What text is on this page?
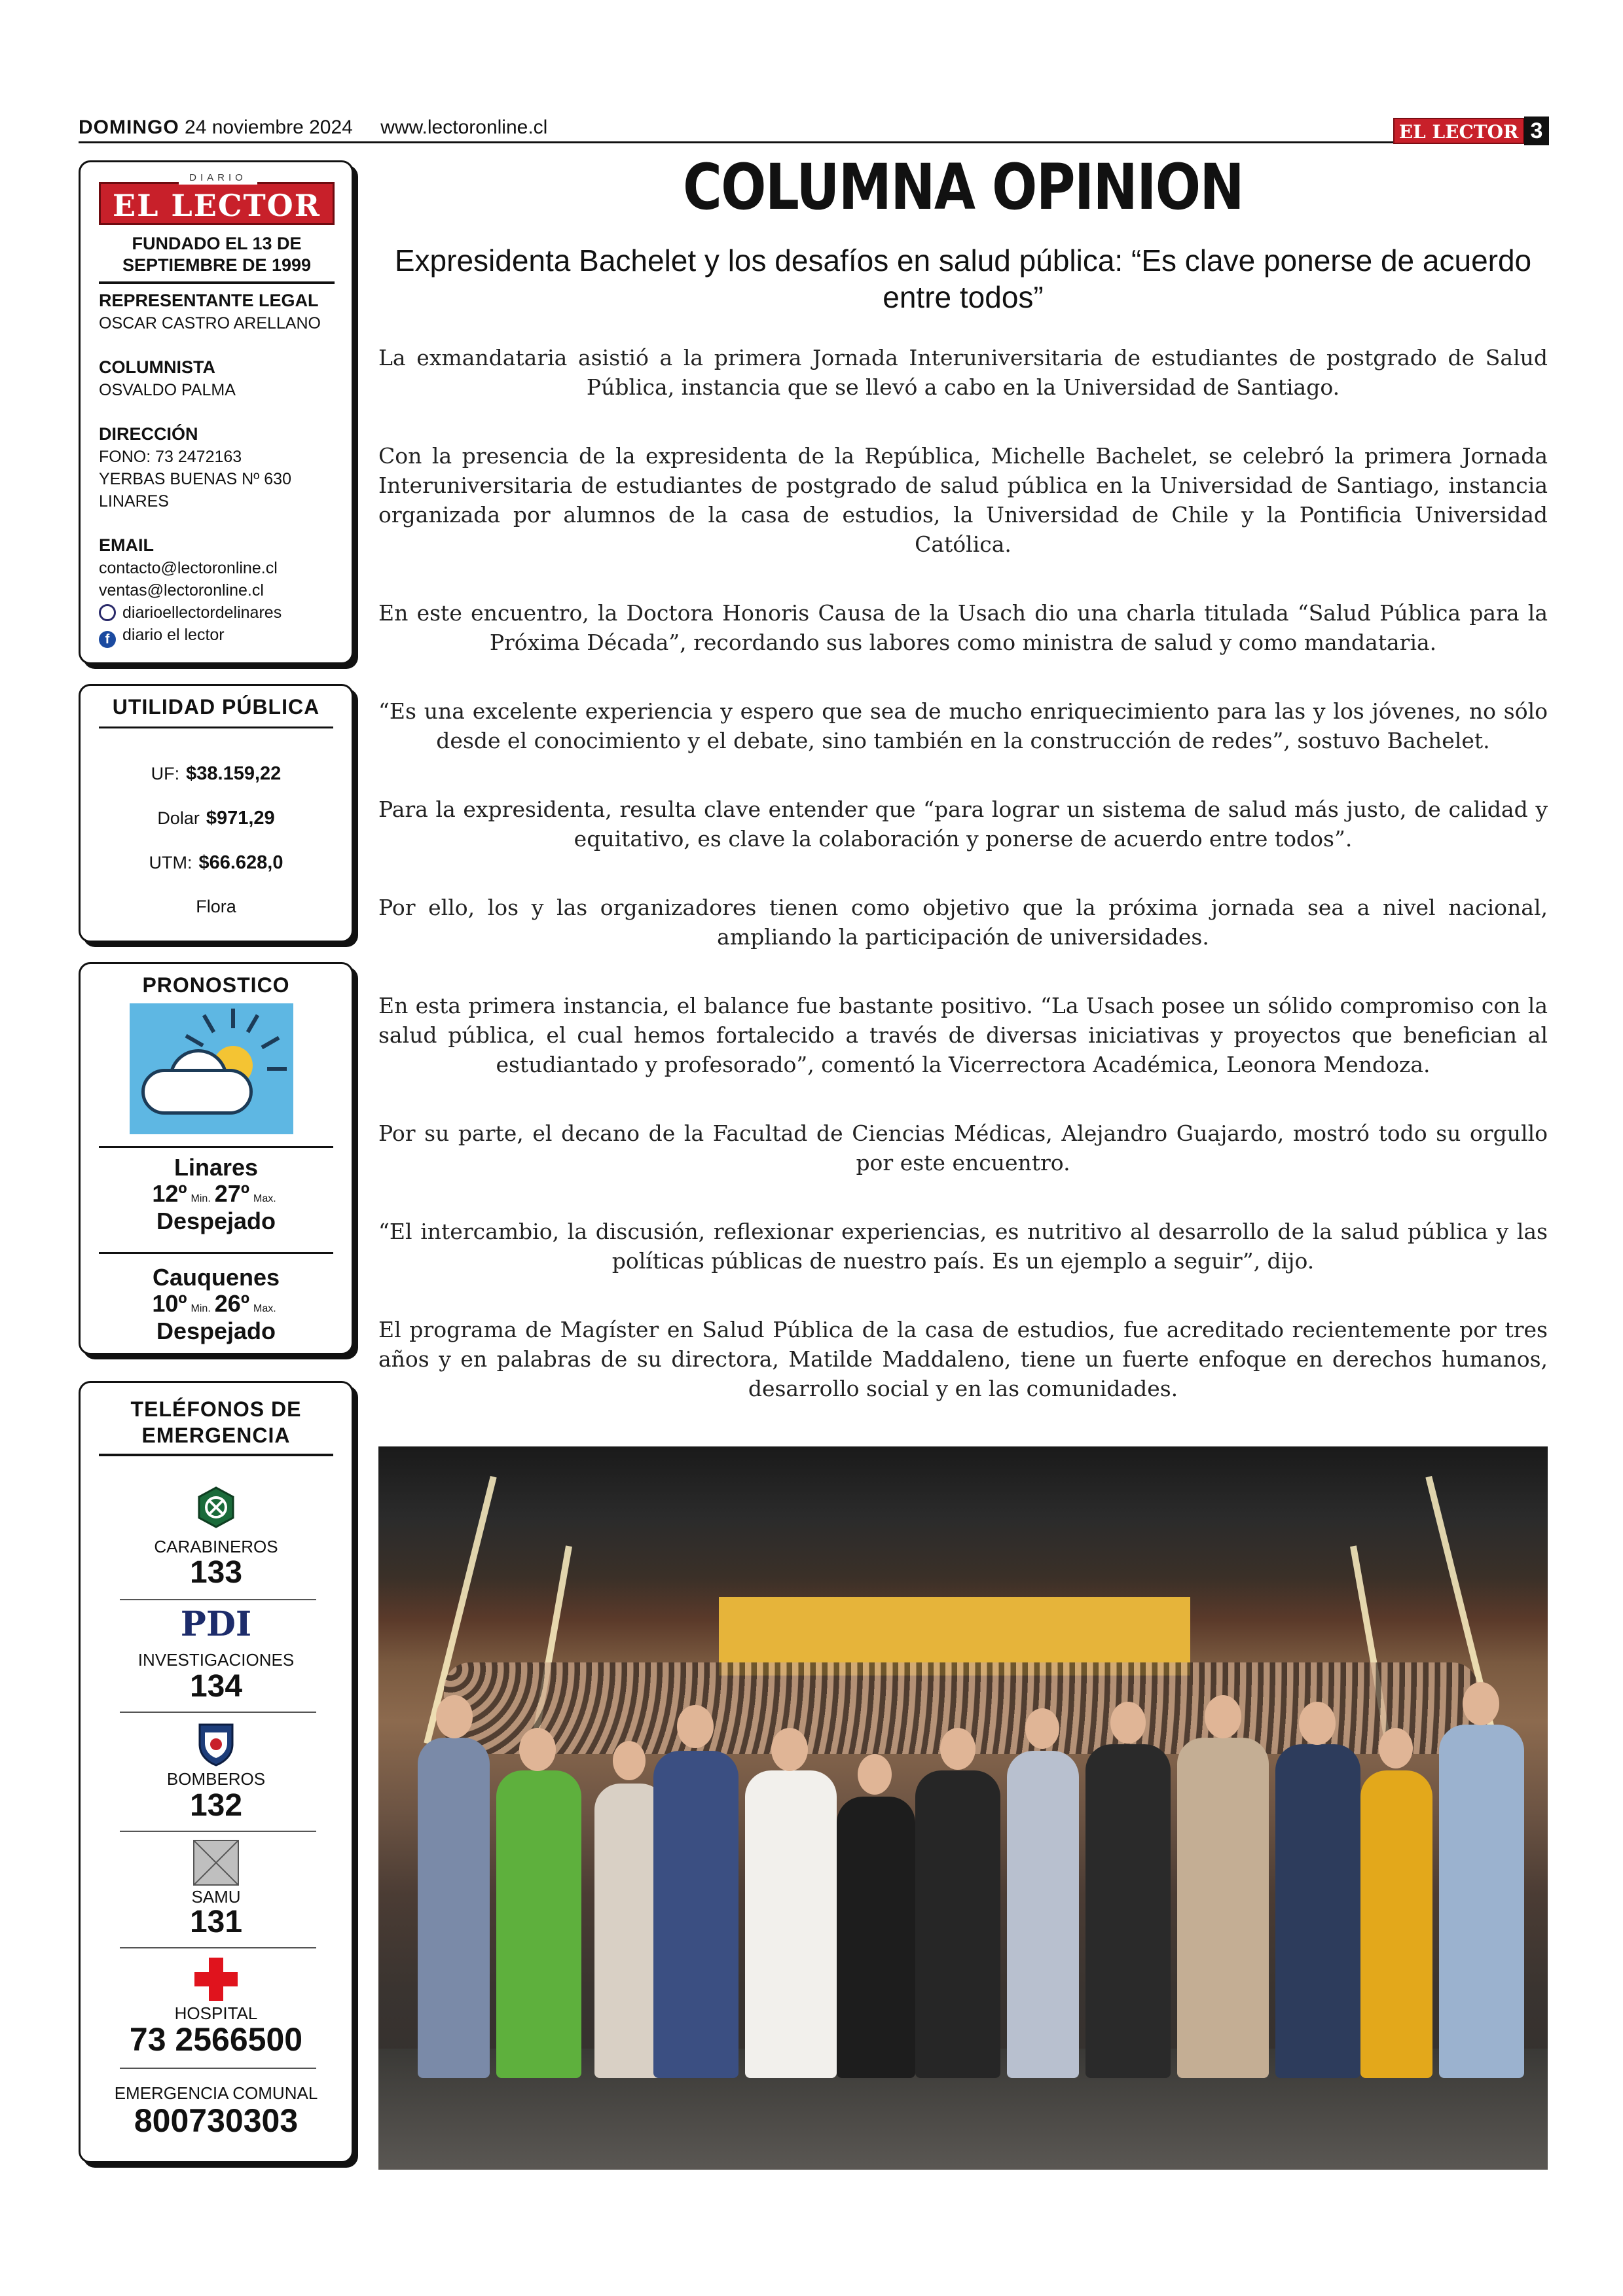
DOMINGO 24 noviembre 2024 www.lectoronline.cl	EL LECTOR 3
EL LECTOR
DIARIO
FUNDADO EL 13 DE SEPTIEMBRE DE 1999
REPRESENTANTE LEGAL
OSCAR CASTRO ARELLANO
COLUMNISTA
OSVALDO PALMA
DIRECCIÓN
FONO: 73 2472163
YERBAS BUENAS Nº 630
LINARES
EMAIL
contacto@lectoronline.cl
ventas@lectoronline.cl
diarioellectordelinares
f diario el lector
UTILIDAD PÚBLICA
UF: $38.159,22
Dolar $971,29
UTM: $66.628,0
Flora
PRONOSTICO
Linares
12º Min. 27º Max.
Despejado
Cauquenes
10º Min. 26º Max.
Despejado
TELÉFONOS DE
EMERGENCIA
CARABINEROS
133
PDI
INVESTIGACIONES
134
BOMBEROS
132
SAMU
131
HOSPITAL
73 2566500
EMERGENCIA COMUNAL
800730303
COLUMNA OPINION
Expresidenta Bachelet y los desafíos en salud pública: “Es clave ponerse de acuerdo entre todos”

La exmandataria asistió a la primera Jornada Interuniversitaria de estudiantes de postgrado de Salud Pública, instancia que se llevó a cabo en la Universidad de Santiago.

Con la presencia de la expresidenta de la República, Michelle Bachelet, se celebró la primera Jornada Interuniversitaria de estudiantes de postgrado de salud pública en la Universidad de Santiago, instancia organizada por alumnos de la casa de estudios, la Universidad de Chile y la Pontificia Universidad Católica.

En este encuentro, la Doctora Honoris Causa de la Usach dio una charla titulada “Salud Pública para la Próxima Década”, recordando sus labores como ministra de salud y como mandataria.

“Es una excelente experiencia y espero que sea de mucho enriquecimiento para las y los jóvenes, no sólo desde el conocimiento y el debate, sino también en la construcción de redes”, sostuvo Bachelet.

Para la expresidenta, resulta clave entender que “para lograr un sistema de salud más justo, de calidad y equitativo, es clave la colaboración y ponerse de acuerdo entre todos”.

Por ello, los y las organizadores tienen como objetivo que la próxima jornada sea a nivel nacional, ampliando la participación de universidades.

En esta primera instancia, el balance fue bastante positivo. “La Usach posee un sólido compromiso con la salud pública, el cual hemos fortalecido a través de diversas iniciativas y proyectos que benefician al estudiantado y profesorado”, comentó la Vicerrectora Académica, Leonora Mendoza.

Por su parte, el decano de la Facultad de Ciencias Médicas, Alejandro Guajardo, mostró todo su orgullo por este encuentro.

“El intercambio, la discusión, reflexionar experiencias, es nutritivo al desarrollo de la salud pública y las políticas públicas de nuestro país. Es un ejemplo a seguir”, dijo.

El programa de Magíster en Salud Pública de la casa de estudios, fue acreditado recientemente por tres años y en palabras de su directora, Matilde Maddaleno, tiene un fuerte enfoque en derechos humanos, desarrollo social y en las comunidades.
